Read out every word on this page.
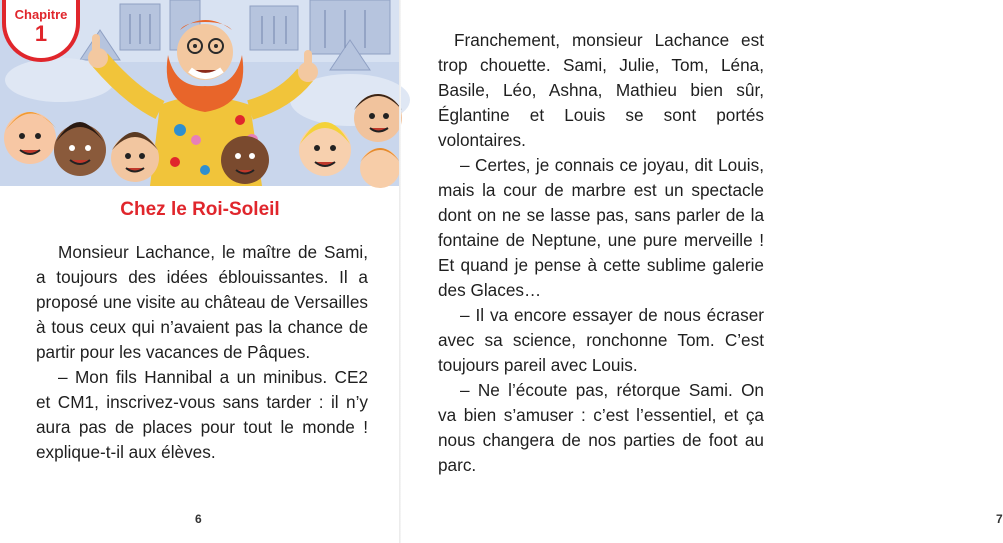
Chapitre
1
Chez le Roi-Soleil

Monsieur Lachance, le maître de Sami, a toujours des idées éblouissantes. Il a proposé une visite au château de Versailles à tous ceux qui n’avaient pas la chance de partir pour les vacances de Pâques.

– Mon fils Hannibal a un minibus. CE2 et CM1, inscrivez-vous sans tarder : il n’y aura pas de places pour tout le monde ! explique-t-il aux élèves.

6	7

Franchement, monsieur Lachance est trop chouette. Sami, Julie, Tom, Léna, Basile, Léo, Ashna, Mathieu bien sûr, Églantine et Louis se sont portés volontaires.

– Certes, je connais ce joyau, dit Louis, mais la cour de marbre est un spectacle dont on ne se lasse pas, sans parler de la fontaine de Neptune, une pure merveille ! Et quand je pense à cette sublime galerie des Glaces…

– Il va encore essayer de nous écraser avec sa science, ronchonne Tom. C’est toujours pareil avec Louis.

– Ne l’écoute pas, rétorque Sami. On va bien s’amuser : c’est l’essentiel, et ça nous changera de nos parties de foot au parc.
